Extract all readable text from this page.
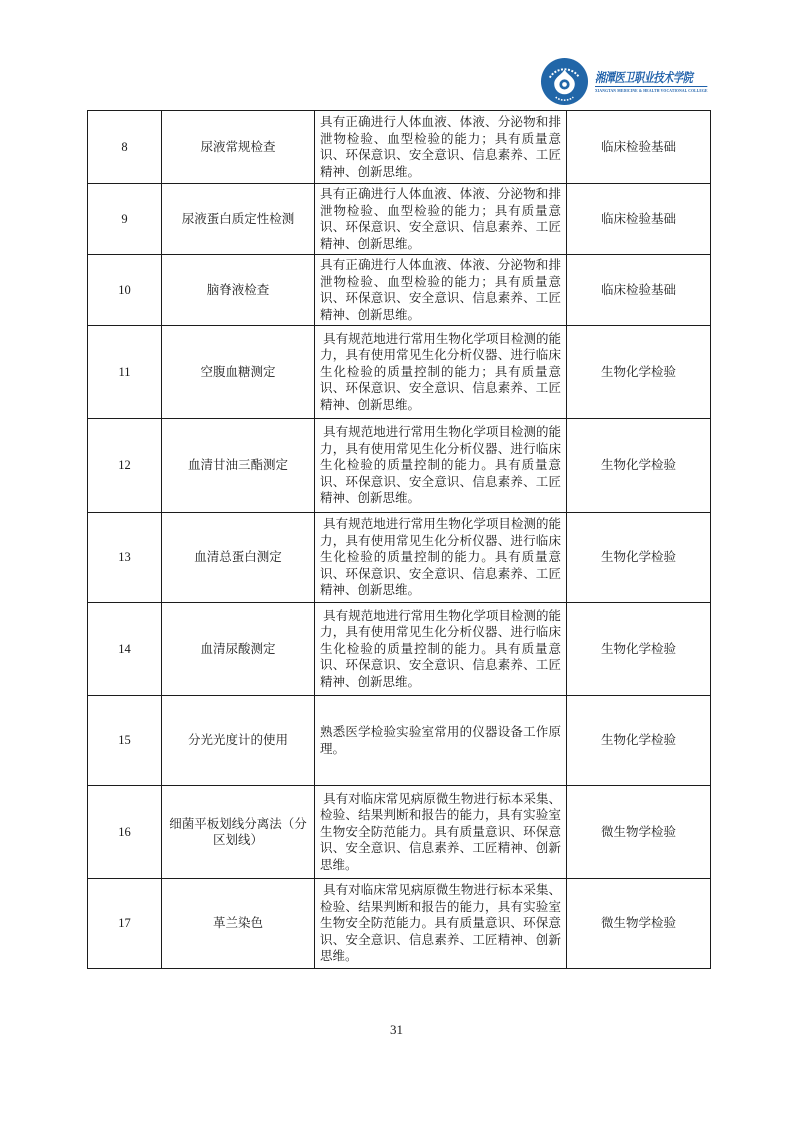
湘潭医卫职业技术学院
XIANGTAN MEDICINE & HEALTH VOCATIONAL COLLEGE
8	尿液常规检查	具有正确进行人体血液、体液、分泌物和排泄物检验、血型检验的能力；具有质量意识、环保意识、安全意识、信息素养、工匠精神、创新思维。	临床检验基础
9	尿液蛋白质定性检测	具有正确进行人体血液、体液、分泌物和排泄物检验、血型检验的能力；具有质量意识、环保意识、安全意识、信息素养、工匠精神、创新思维。	临床检验基础
10	脑脊液检查	具有正确进行人体血液、体液、分泌物和排泄物检验、血型检验的能力；具有质量意识、环保意识、安全意识、信息素养、工匠精神、创新思维。	临床检验基础
11	空腹血糖测定	具有规范地进行常用生物化学项目检测的能力，具有使用常见生化分析仪器、进行临床生化检验的质量控制的能力；具有质量意识、环保意识、安全意识、信息素养、工匠精神、创新思维。	生物化学检验
12	血清甘油三酯测定	具有规范地进行常用生物化学项目检测的能力，具有使用常见生化分析仪器、进行临床生化检验的质量控制的能力。具有质量意识、环保意识、安全意识、信息素养、工匠精神、创新思维。	生物化学检验
13	血清总蛋白测定	具有规范地进行常用生物化学项目检测的能力，具有使用常见生化分析仪器、进行临床生化检验的质量控制的能力。具有质量意识、环保意识、安全意识、信息素养、工匠精神、创新思维。	生物化学检验
14	血清尿酸测定	具有规范地进行常用生物化学项目检测的能力，具有使用常见生化分析仪器、进行临床生化检验的质量控制的能力。具有质量意识、环保意识、安全意识、信息素养、工匠精神、创新思维。	生物化学检验
15	分光光度计的使用	熟悉医学检验实验室常用的仪器设备工作原理。	生物化学检验
16	细菌平板划线分离法（分区划线）	具有对临床常见病原微生物进行标本采集、检验、结果判断和报告的能力，具有实验室生物安全防范能力。具有质量意识、环保意识、安全意识、信息素养、工匠精神、创新思维。	微生物学检验
17	革兰染色	具有对临床常见病原微生物进行标本采集、检验、结果判断和报告的能力，具有实验室生物安全防范能力。具有质量意识、环保意识、安全意识、信息素养、工匠精神、创新思维。	微生物学检验
31
